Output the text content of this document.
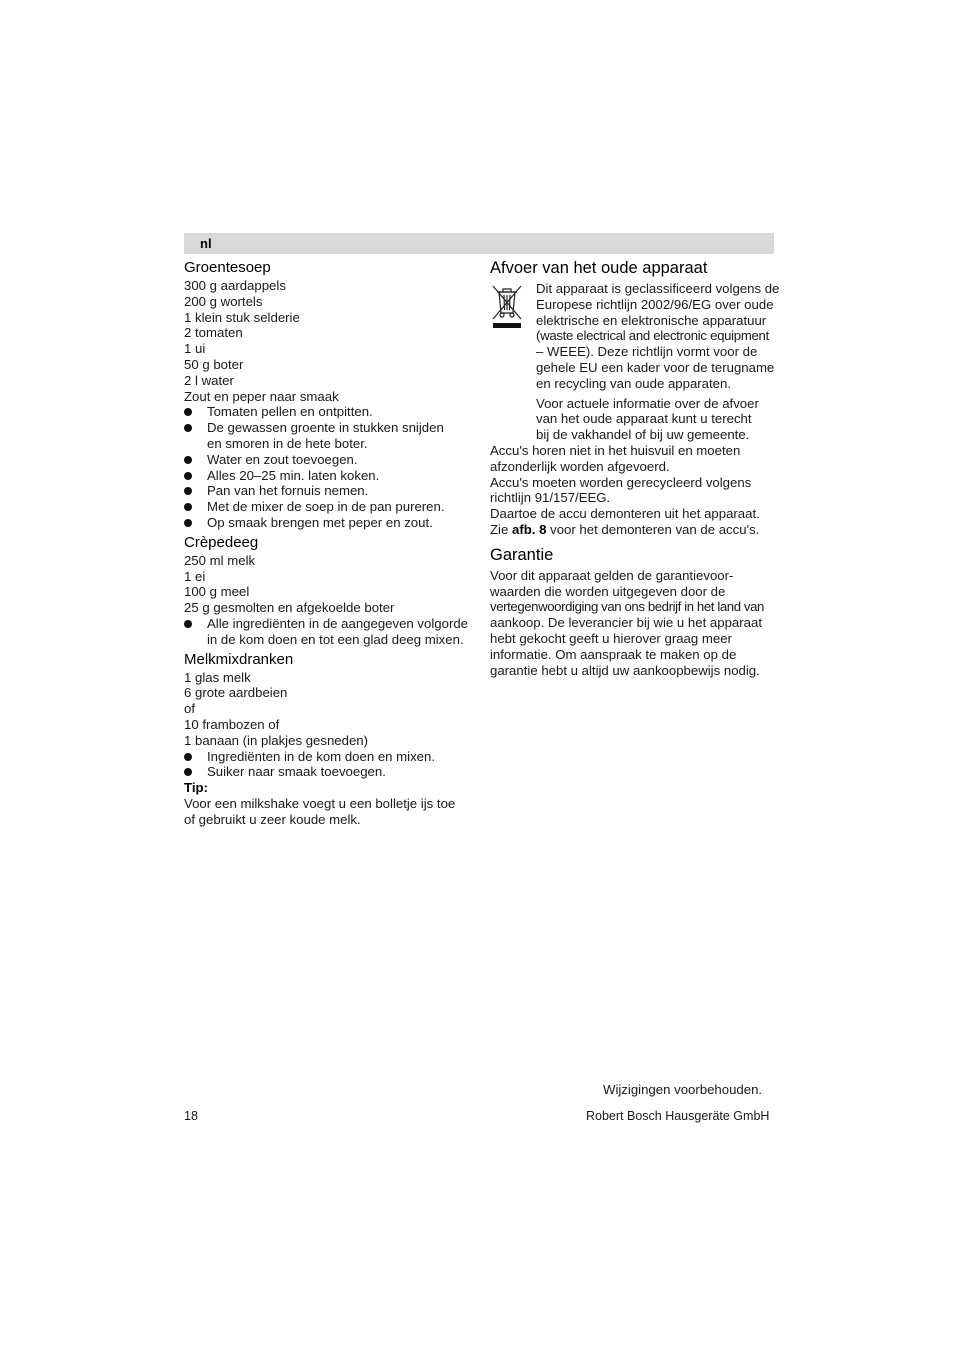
nl
Groentesoep

300 g aardappels

200 g wortels

1 klein stuk selderie

2 tomaten

1 ui

50 g boter

2 l water

Zout en peper naar smaak

Tomaten pellen en ontpitten.
De gewassen groente in stukken snijden
en smoren in de hete boter.
Water en zout toevoegen.
Alles 20–25 min. laten koken.
Pan van het fornuis nemen.
Met de mixer de soep in de pan pureren.
Op smaak brengen met peper en zout.
Crèpedeeg

250 ml melk

1 ei

100 g meel

25 g gesmolten en afgekoelde boter

Alle ingrediënten in de aangegeven volgorde
in de kom doen en tot een glad deeg mixen.
Melkmixdranken

1 glas melk

6 grote aardbeien

of

10 frambozen of

1 banaan (in plakjes gesneden)

Ingrediënten in de kom doen en mixen.
Suiker naar smaak toevoegen.

Tip:

Voor een milkshake voegt u een bolletje ijs toe

of gebruikt u zeer koude melk.

Afvoer van het oude apparaat

Dit apparaat is geclassificeerd volgens de

Europese richtlijn 2002/96/EG over oude

elektrische en elektronische apparatuur

(waste electrical and electronic equipment

– WEEE). Deze richtlijn vormt voor de

gehele EU een kader voor de terugname

en recycling van oude apparaten.

Voor actuele informatie over de afvoer

van het oude apparaat kunt u terecht

bij de vakhandel of bij uw gemeente.

Accu's horen niet in het huisvuil en moeten

afzonderlijk worden afgevoerd.

Accu's moeten worden gerecycleerd volgens

richtlijn 91/157/EEG.

Daartoe de accu demonteren uit het apparaat.

Zie afb. 8 voor het demonteren van de accu's.

Garantie

Voor dit apparaat gelden de garantievoor-

waarden die worden uitgegeven door de

vertegenwoordiging van ons bedrijf in het land van

aankoop. De leverancier bij wie u het apparaat

hebt gekocht geeft u hierover graag meer

informatie. Om aanspraak te maken op de

garantie hebt u altijd uw aankoopbewijs nodig.

Wijzigingen voorbehouden.
18	Robert Bosch Hausgeräte GmbH
